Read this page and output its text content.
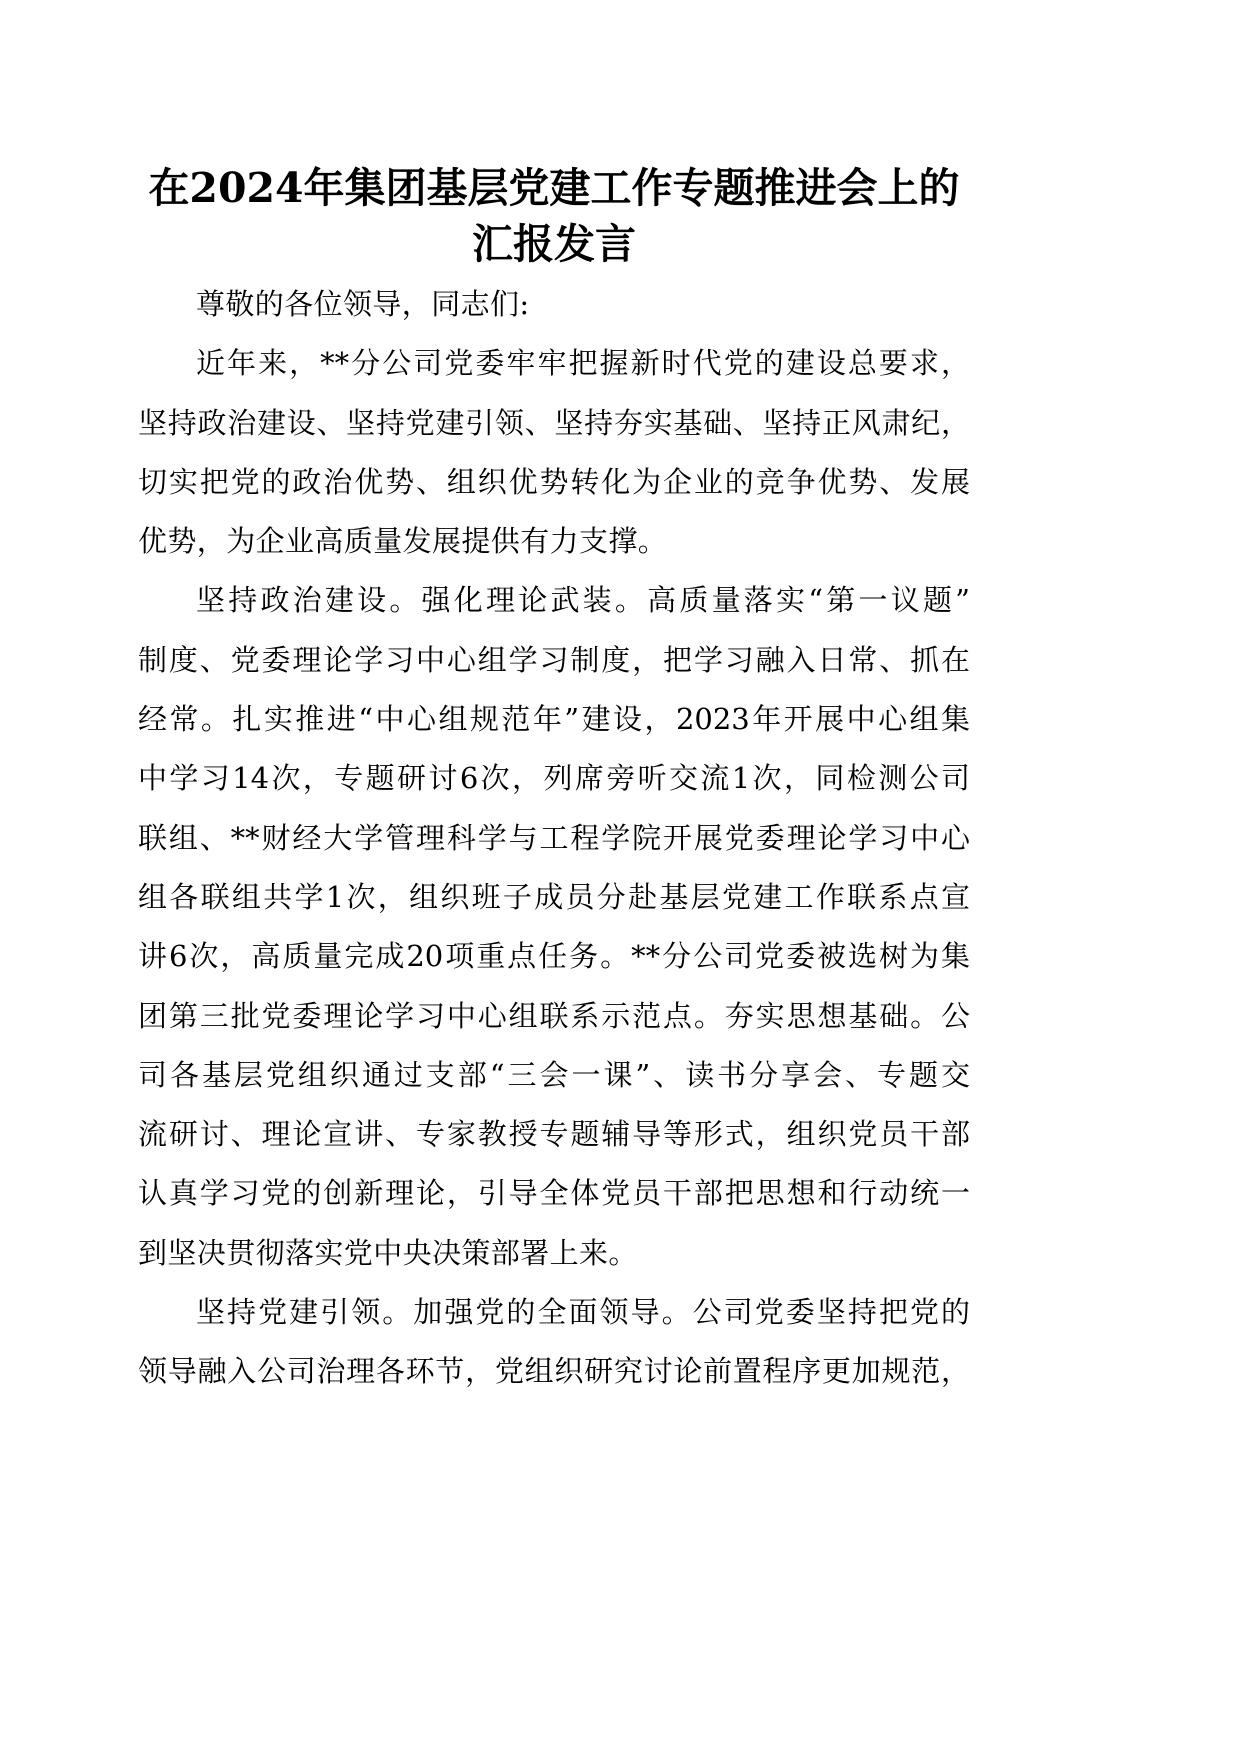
在2024年集团基层党建工作专题推进会上的
汇报发言
尊敬的各位领导，同志们:
近年来，**分公司党委牢牢把握新时代党的建设总要求，
坚持政治建设、坚持党建引领、坚持夯实基础、坚持正风肃纪，
切实把党的政治优势、组织优势转化为企业的竞争优势、发展
优势，为企业高质量发展提供有力支撑。
坚持政治建设。强化理论武装。高质量落实“第一议题”
制度、党委理论学习中心组学习制度，把学习融入日常、抓在
经常。扎实推进“中心组规范年”建设，2023年开展中心组集
中学习14次，专题研讨6次，列席旁听交流1次，同检测公司
联组、**财经大学管理科学与工程学院开展党委理论学习中心
组各联组共学1次，组织班子成员分赴基层党建工作联系点宣
讲6次，高质量完成20项重点任务。**分公司党委被选树为集
团第三批党委理论学习中心组联系示范点。夯实思想基础。公
司各基层党组织通过支部“三会一课”、读书分享会、专题交
流研讨、理论宣讲、专家教授专题辅导等形式，组织党员干部
认真学习党的创新理论，引导全体党员干部把思想和行动统一
到坚决贯彻落实党中央决策部署上来。
坚持党建引领。加强党的全面领导。公司党委坚持把党的
领导融入公司治理各环节，党组织研究讨论前置程序更加规范，
